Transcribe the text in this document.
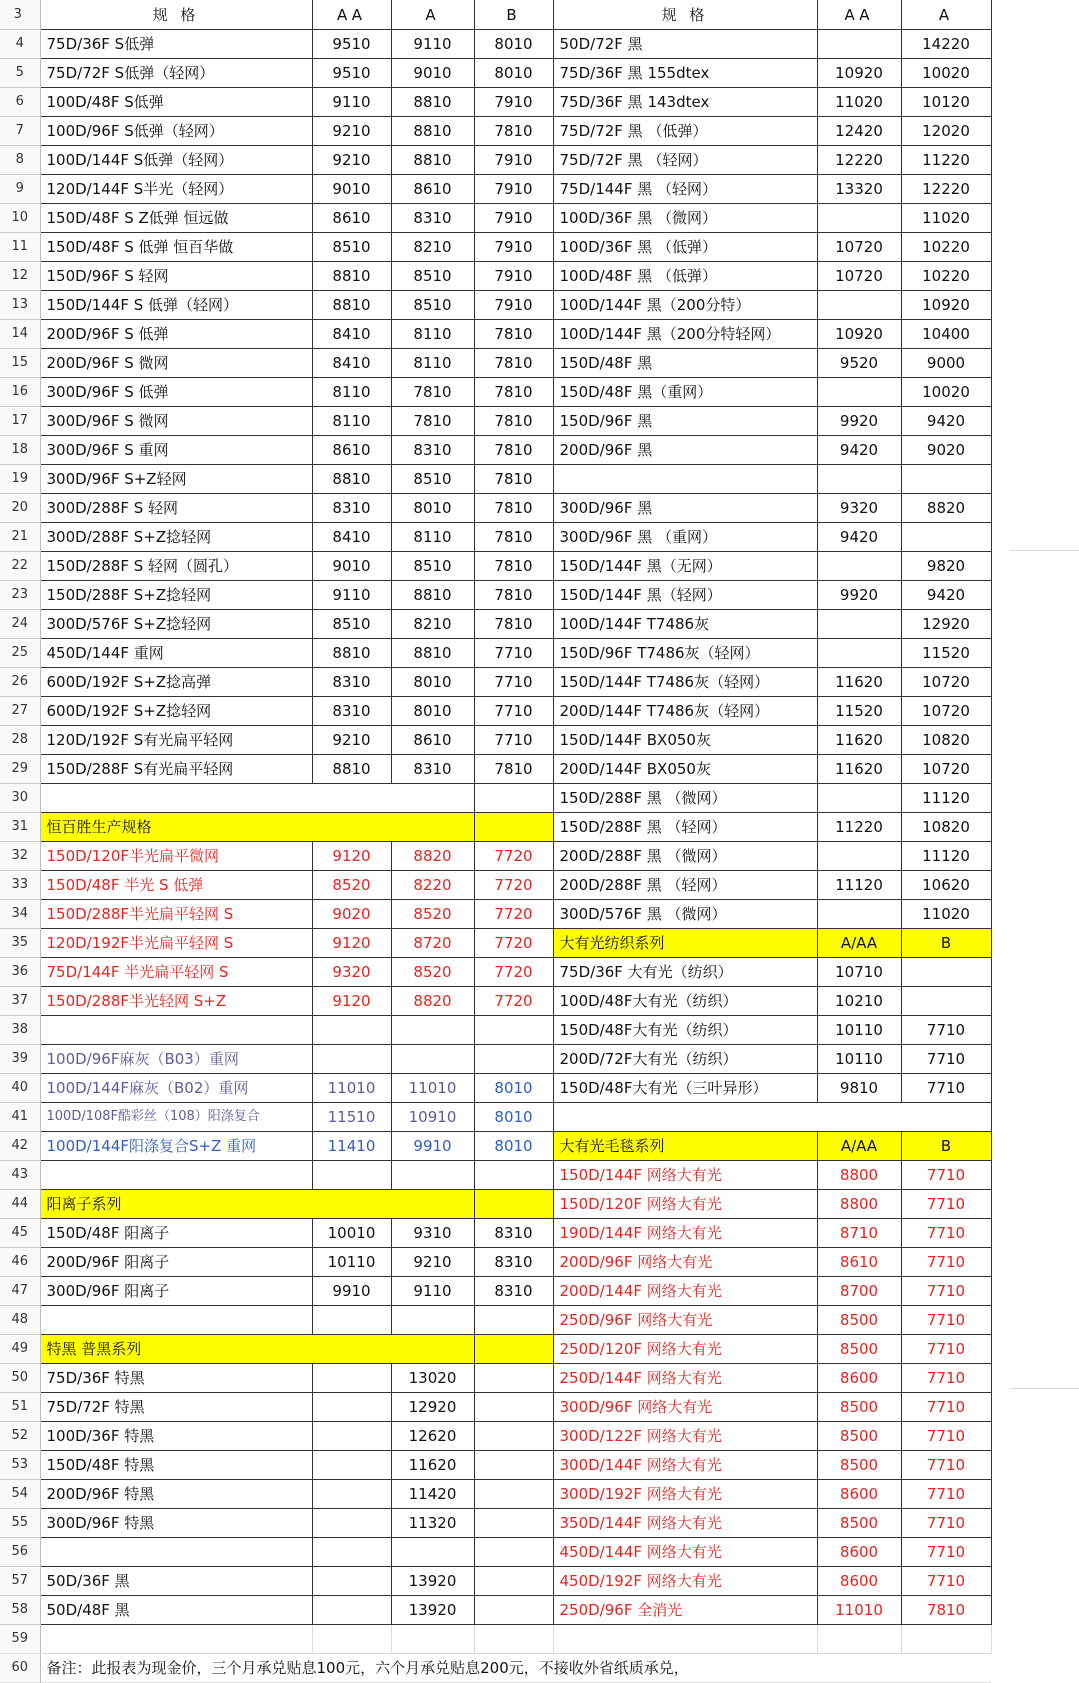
3	规 格	AA	A	B	规 格	AA	A
4	75D/36F S低弹	9510	9110	8010	50D/72F 黑		14220
5	75D/72F S低弹（轻网）	9510	9010	8010	75D/36F 黑 155dtex	10920	10020
6	100D/48F S低弹	9110	8810	7910	75D/36F 黑 143dtex	11020	10120
7	100D/96F S低弹（轻网）	9210	8810	7810	75D/72F 黑 （低弹）	12420	12020
8	100D/144F S低弹（轻网）	9210	8810	7910	75D/72F 黑 （轻网）	12220	11220
9	120D/144F S半光（轻网）	9010	8610	7910	75D/144F 黑 （轻网）	13320	12220
10	150D/48F S Z低弹 恒远做	8610	8310	7910	100D/36F 黑 （微网）		11020
11	150D/48F S 低弹 恒百华做	8510	8210	7910	100D/36F 黑 （低弹）	10720	10220
12	150D/96F S 轻网	8810	8510	7910	100D/48F 黑 （低弹）	10720	10220
13	150D/144F S 低弹（轻网）	8810	8510	7910	100D/144F 黑（200分特）		10920
14	200D/96F S 低弹	8410	8110	7810	100D/144F 黑（200分特轻网）	10920	10400
15	200D/96F S 微网	8410	8110	7810	150D/48F 黑	9520	9000
16	300D/96F S 低弹	8110	7810	7810	150D/48F 黑（重网）		10020
17	300D/96F S 微网	8110	7810	7810	150D/96F 黑	9920	9420
18	300D/96F S 重网	8610	8310	7810	200D/96F 黑	9420	9020
19	300D/96F S+Z轻网	8810	8510	7810			
20	300D/288F S 轻网	8310	8010	7810	300D/96F 黑	9320	8820
21	300D/288F S+Z捻轻网	8410	8110	7810	300D/96F 黑 （重网）	9420	
22	150D/288F S 轻网（圆孔）	9010	8510	7810	150D/144F 黑（无网）		9820
23	150D/288F S+Z捻轻网	9110	8810	7810	150D/144F 黑（轻网）	9920	9420
24	300D/576F S+Z捻轻网	8510	8210	7810	100D/144F T7486灰		12920
25	450D/144F 重网	8810	8810	7710	150D/96F T7486灰（轻网）		11520
26	600D/192F S+Z捻高弹	8310	8010	7710	150D/144F T7486灰（轻网）	11620	10720
27	600D/192F S+Z捻轻网	8310	8010	7710	200D/144F T7486灰（轻网）	11520	10720
28	120D/192F S有光扁平轻网	9210	8610	7710	150D/144F BX050灰	11620	10820
29	150D/288F S有光扁平轻网	8810	8310	7810	200D/144F BX050灰	11620	10720
30					150D/288F 黑 （微网）		11120
31	恒百胜生产规格				150D/288F 黑 （轻网）	11220	10820
32	150D/120F半光扁平微网	9120	8820	7720	200D/288F 黑 （微网）		11120
33	150D/48F 半光 S 低弹	8520	8220	7720	200D/288F 黑 （轻网）	11120	10620
34	150D/288F半光扁平轻网 S	9020	8520	7720	300D/576F 黑 （微网）		11020
35	120D/192F半光扁平轻网 S	9120	8720	7720	大有光纺织系列	A/AA	B
36	75D/144F 半光扁平轻网 S	9320	8520	7720	75D/36F 大有光（纺织）	10710	
37	150D/288F半光轻网 S+Z	9120	8820	7720	100D/48F大有光（纺织）	10210	
38					150D/48F大有光（纺织）	10110	7710
39	100D/96F麻灰（B03）重网				200D/72F大有光（纺织）	10110	7710
40	100D/144F麻灰（B02）重网	11010	11010	8010	150D/48F大有光（三叶异形）	9810	7710
41	100D/108F酷彩丝（108）阳涤复合	11510	10910	8010			
42	100D/144F阳涤复合S+Z 重网	11410	9910	8010	大有光毛毯系列	A/AA	B
43					150D/144F 网络大有光	8800	7710
44	阳离子系列				150D/120F 网络大有光	8800	7710
45	150D/48F 阳离子	10010	9310	8310	190D/144F 网络大有光	8710	7710
46	200D/96F 阳离子	10110	9210	8310	200D/96F 网络大有光	8610	7710
47	300D/96F 阳离子	9910	9110	8310	200D/144F 网络大有光	8700	7710
48					250D/96F 网络大有光	8500	7710
49	特黑 普黑系列				250D/120F 网络大有光	8500	7710
50	75D/36F 特黑		13020		250D/144F 网络大有光	8600	7710
51	75D/72F 特黑		12920		300D/96F 网络大有光	8500	7710
52	100D/36F 特黑		12620		300D/122F 网络大有光	8500	7710
53	150D/48F 特黑		11620		300D/144F 网络大有光	8500	7710
54	200D/96F 特黑		11420		300D/192F 网络大有光	8600	7710
55	300D/96F 特黑		11320		350D/144F 网络大有光	8500	7710
56					450D/144F 网络大有光	8600	7710
57	50D/36F 黑		13920		450D/192F 网络大有光	8600	7710
58	50D/48F 黑		13920		250D/96F 全消光	11010	7810
59							
60	备注：此报表为现金价，三个月承兑贴息100元，六个月承兑贴息200元，不接收外省纸质承兑，						
